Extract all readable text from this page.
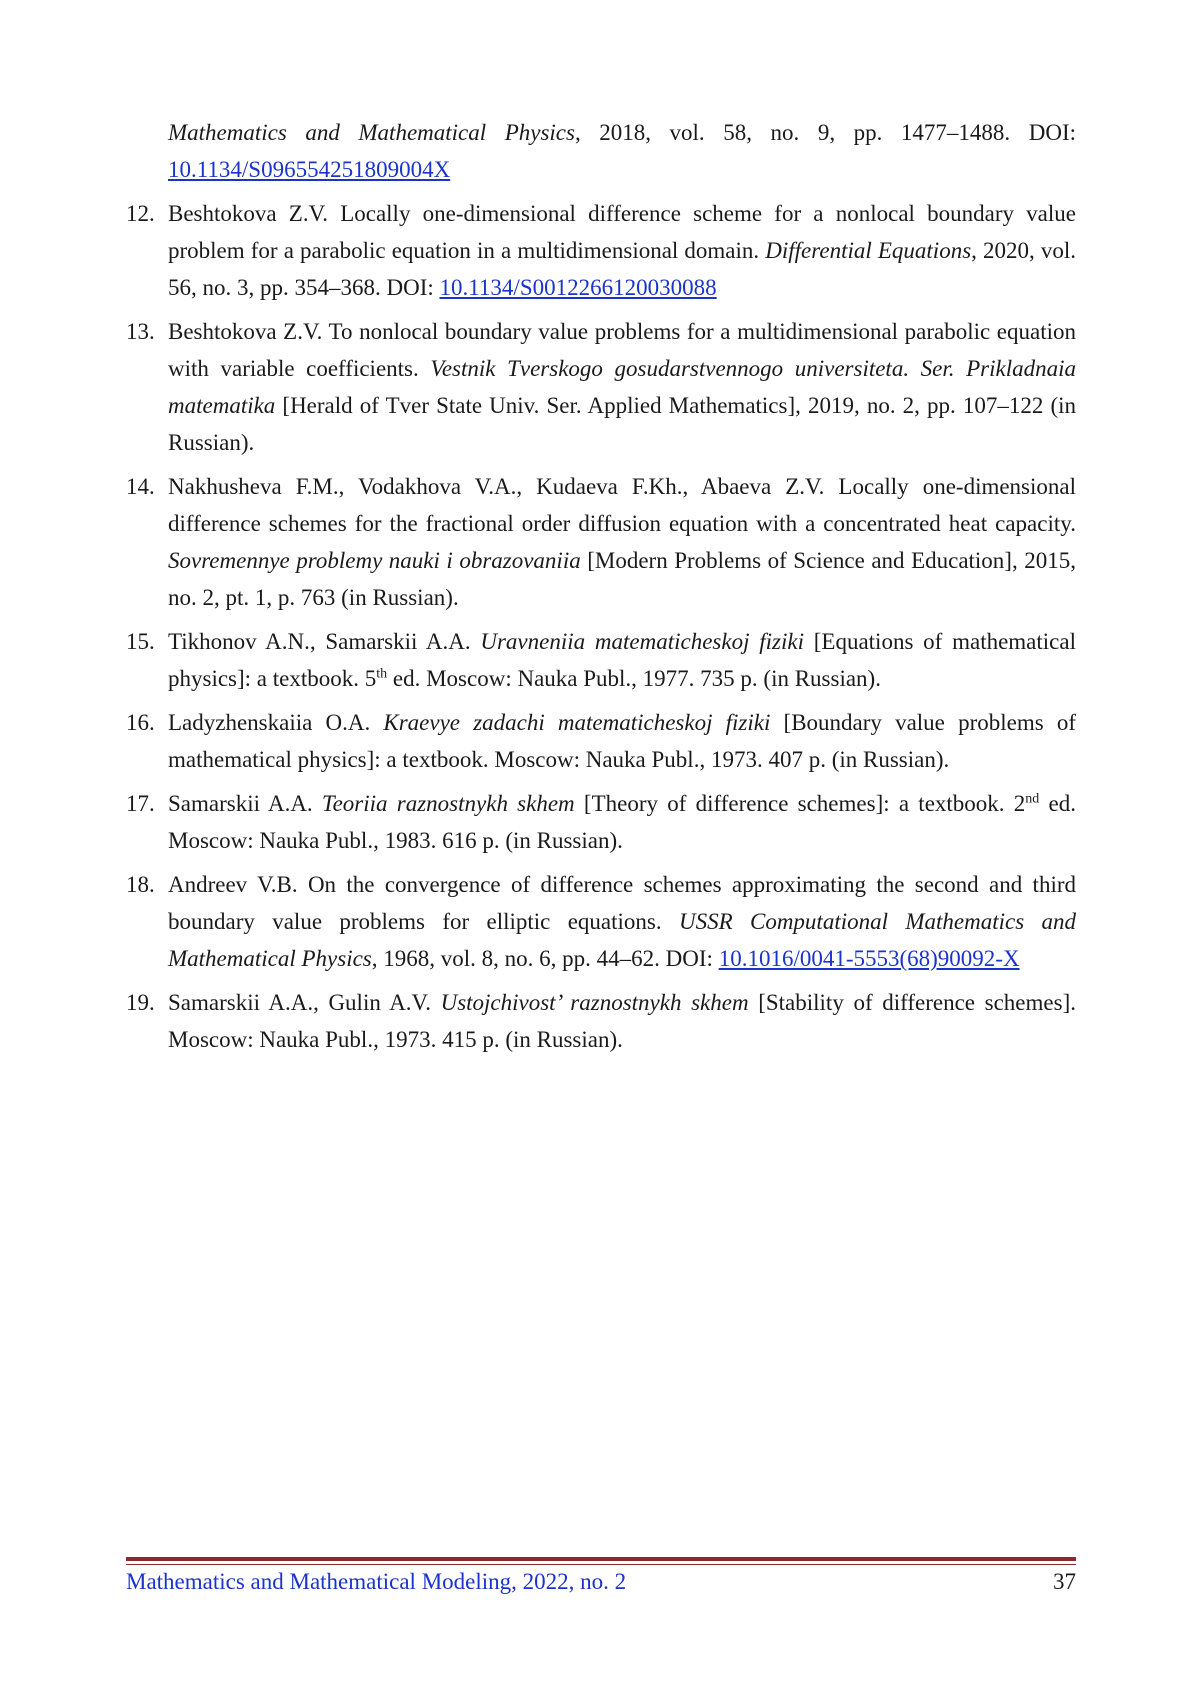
Mathematics and Mathematical Physics, 2018, vol. 58, no. 9, pp. 1477–1488. DOI: 10.1134/S096554251809004X
12. Beshtokova Z.V. Locally one-dimensional difference scheme for a nonlocal boundary value problem for a parabolic equation in a multidimensional domain. Differential Equations, 2020, vol. 56, no. 3, pp. 354–368. DOI: 10.1134/S0012266120030088
13. Beshtokova Z.V. To nonlocal boundary value problems for a multidimensional parabolic equation with variable coefficients. Vestnik Tverskogo gosudarstvennogo universiteta. Ser. Prikladnaia matematika [Herald of Tver State Univ. Ser. Applied Mathematics], 2019, no. 2, pp. 107–122 (in Russian).
14. Nakhusheva F.M., Vodakhova V.A., Kudaeva F.Kh., Abaeva Z.V. Locally one-dimensional difference schemes for the fractional order diffusion equation with a concentrated heat capacity. Sovremennye problemy nauki i obrazovaniia [Modern Problems of Science and Education], 2015, no. 2, pt. 1, p. 763 (in Russian).
15. Tikhonov A.N., Samarskii A.A. Uravneniia matematicheskoj fiziki [Equations of mathematical physics]: a textbook. 5th ed. Moscow: Nauka Publ., 1977. 735 p. (in Russian).
16. Ladyzhenskaiia O.A. Kraevye zadachi matematicheskoj fiziki [Boundary value problems of mathematical physics]: a textbook. Moscow: Nauka Publ., 1973. 407 p. (in Russian).
17. Samarskii A.A. Teoriia raznostnykh skhem [Theory of difference schemes]: a textbook. 2nd ed. Moscow: Nauka Publ., 1983. 616 p. (in Russian).
18. Andreev V.B. On the convergence of difference schemes approximating the second and third boundary value problems for elliptic equations. USSR Computational Mathematics and Mathematical Physics, 1968, vol. 8, no. 6, pp. 44–62. DOI: 10.1016/0041-5553(68)90092-X
19. Samarskii A.A., Gulin A.V. Ustojchivost’ raznostnykh skhem [Stability of difference schemes]. Moscow: Nauka Publ., 1973. 415 p. (in Russian).
Mathematics and Mathematical Modeling, 2022, no. 2	37
